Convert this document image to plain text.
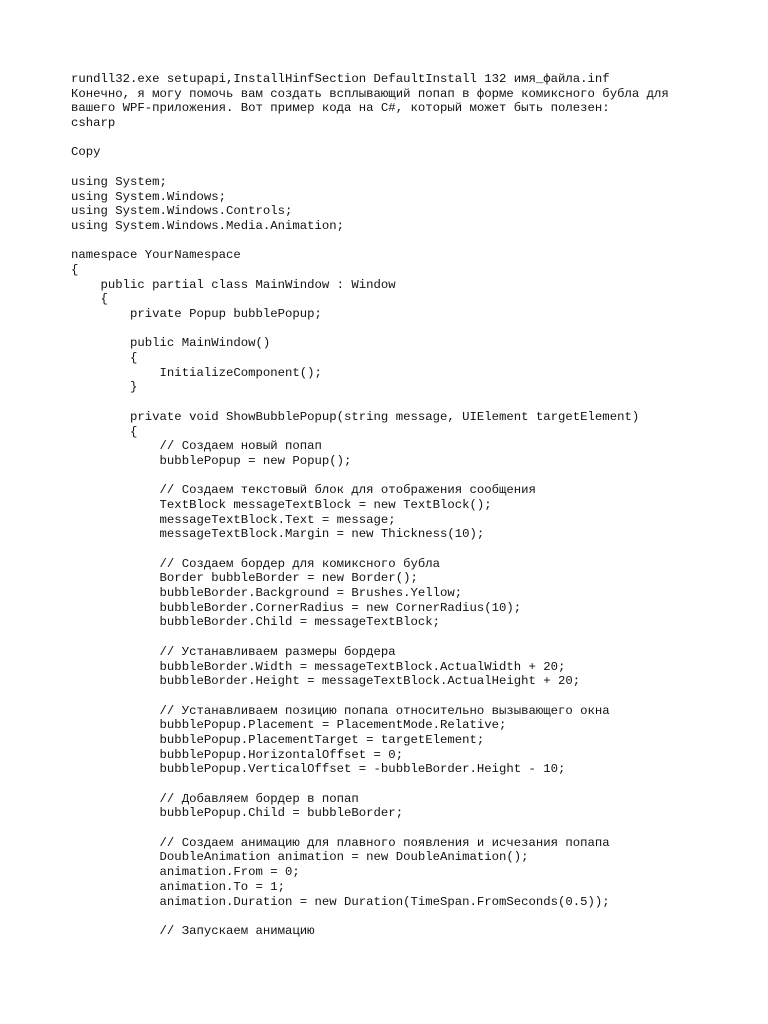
rundll32.exe setupapi,InstallHinfSection DefaultInstall 132 имя_файла.inf
Конечно, я могу помочь вам создать всплывающий попап в форме комиксного бубла для
вашего WPF-приложения. Вот пример кода на C#, который может быть полезен:
csharp
Copy
using System;
using System.Windows;
using System.Windows.Controls;
using System.Windows.Media.Animation;
namespace YourNamespace
{
public partial class MainWindow : Window
{
private Popup bubblePopup;
public MainWindow()
{
InitializeComponent();
}
private void ShowBubblePopup(string message, UIElement targetElement)
{
// Создаем новый попап
bubblePopup = new Popup();
// Создаем текстовый блок для отображения сообщения
TextBlock messageTextBlock = new TextBlock();
messageTextBlock.Text = message;
messageTextBlock.Margin = new Thickness(10);
// Создаем бордер для комиксного бубла
Border bubbleBorder = new Border();
bubbleBorder.Background = Brushes.Yellow;
bubbleBorder.CornerRadius = new CornerRadius(10);
bubbleBorder.Child = messageTextBlock;
// Устанавливаем размеры бордера
bubbleBorder.Width = messageTextBlock.ActualWidth + 20;
bubbleBorder.Height = messageTextBlock.ActualHeight + 20;
// Устанавливаем позицию попапа относительно вызывающего окна
bubblePopup.Placement = PlacementMode.Relative;
bubblePopup.PlacementTarget = targetElement;
bubblePopup.HorizontalOffset = 0;
bubblePopup.VerticalOffset = -bubbleBorder.Height - 10;
// Добавляем бордер в попап
bubblePopup.Child = bubbleBorder;
// Создаем анимацию для плавного появления и исчезания попапа
DoubleAnimation animation = new DoubleAnimation();
animation.From = 0;
animation.To = 1;
animation.Duration = new Duration(TimeSpan.FromSeconds(0.5));
// Запускаем анимацию
